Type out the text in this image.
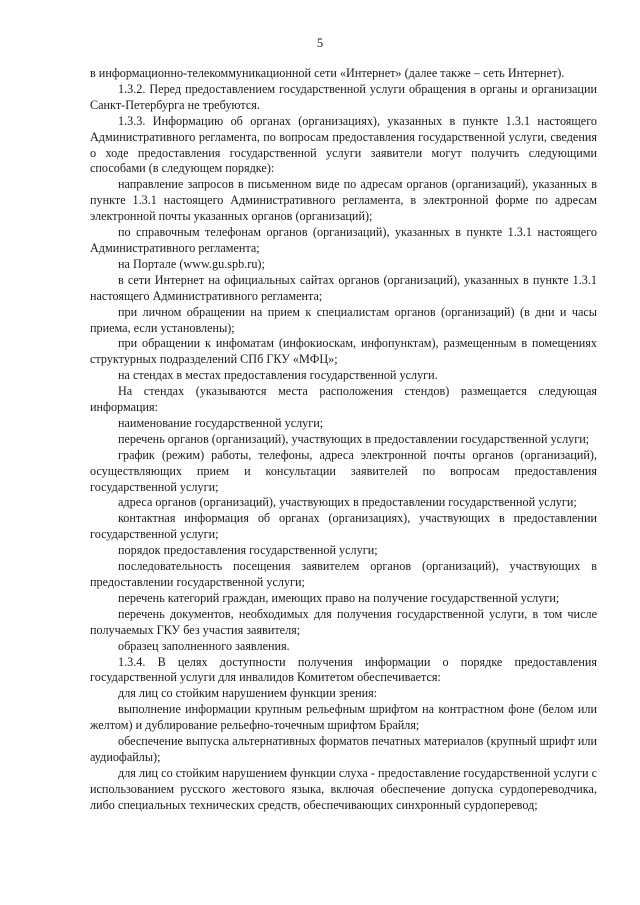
5

в информационно-телекоммуникационной сети «Интернет» (далее также – сеть Интернет).

1.3.2. Перед предоставлением государственной услуги обращения в органы и организации Санкт-Петербурга не требуются.

1.3.3. Информацию об органах (организациях), указанных в пункте 1.3.1 настоящего Административного регламента, по вопросам предоставления государственной услуги, сведения о ходе предоставления государственной услуги заявители могут получить следующими способами (в следующем порядке):

направление запросов в письменном виде по адресам органов (организаций), указанных в пункте 1.3.1 настоящего Административного регламента, в электронной форме по адресам электронной почты указанных органов (организаций);

по справочным телефонам органов (организаций), указанных в пункте 1.3.1 настоящего Административного регламента;

на Портале (www.gu.spb.ru);

в сети Интернет на официальных сайтах органов (организаций), указанных в пункте 1.3.1 настоящего Административного регламента;

при личном обращении на прием к специалистам органов (организаций) (в дни и часы приема, если установлены);

при обращении к инфоматам (инфокиоскам, инфопунктам), размещенным в помещениях структурных подразделений СПб ГКУ «МФЦ»;

на стендах в местах предоставления государственной услуги.

На стендах (указываются места расположения стендов) размещается следующая информация:

наименование государственной услуги;

перечень органов (организаций), участвующих в предоставлении государственной услуги;

график (режим) работы, телефоны, адреса электронной почты органов (организаций), осуществляющих прием и консультации заявителей по вопросам предоставления государственной услуги;

адреса органов (организаций), участвующих в предоставлении государственной услуги;

контактная информация об органах (организациях), участвующих в предоставлении государственной услуги;

порядок предоставления государственной услуги;

последовательность посещения заявителем органов (организаций), участвующих в предоставлении государственной услуги;

перечень категорий граждан, имеющих право на получение государственной услуги;

перечень документов, необходимых для получения государственной услуги, в том числе получаемых ГКУ без участия заявителя;

образец заполненного заявления.

1.3.4. В целях доступности получения информации о порядке предоставления государственной услуги для инвалидов Комитетом обеспечивается:

для лиц со стойким нарушением функции зрения:

выполнение информации крупным рельефным шрифтом на контрастном фоне (белом или желтом) и дублирование рельефно-точечным шрифтом Брайля;

обеспечение выпуска альтернативных форматов печатных материалов (крупный шрифт или аудиофайлы);

для лиц со стойким нарушением функции слуха - предоставление государственной услуги с использованием русского жестового языка, включая обеспечение допуска сурдопереводчика, либо специальных технических средств, обеспечивающих синхронный сурдоперевод;
